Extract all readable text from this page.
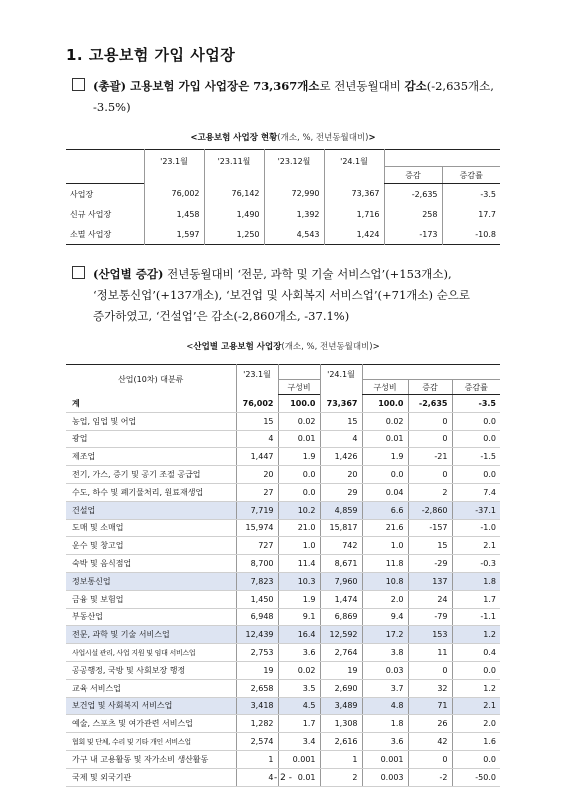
1. 고용보험 가입 사업장
(총괄) 고용보험 가입 사업장은 73,367개소로 전년동월대비 감소(-2,635개소,
-3.5%)
<고용보험 사업장 현황(개소, %, 전년동월대비)>
	'23.1월	'23.11월	'23.12월	'24.1월		
					증감	증감률
사업장	76,002	76,142	72,990	73,367	-2,635	-3.5
신규 사업장	1,458	1,490	1,392	1,716	258	17.7
소멸 사업장	1,597	1,250	4,543	1,424	-173	-10.8
(산업별 증감) 전년동월대비 ‘전문, 과학 및 기술 서비스업’(+153개소),
‘정보통신업’(+137개소), ‘보건업 및 사회복지 서비스업’(+71개소) 순으로
증가하였고, ‘건설업’은 감소(-2,860개소, -37.1%)
<산업별 고용보험 사업장(개소, %, 전년동월대비)>
산업(10차) 대분류	'23.1월		'24.1월			
		구성비		구성비	증감	증감률
계	76,002	100.0	73,367	100.0	-2,635	-3.5
농업, 임업 및 어업	15	0.02	15	0.02	0	0.0
광업	4	0.01	4	0.01	0	0.0
제조업	1,447	1.9	1,426	1.9	-21	-1.5
전기, 가스, 증기 및 공기 조절 공급업	20	0.0	20	0.0	0	0.0
수도, 하수 및 폐기물처리, 원료재생업	27	0.0	29	0.04	2	7.4
건설업	7,719	10.2	4,859	6.6	-2,860	-37.1
도매 및 소매업	15,974	21.0	15,817	21.6	-157	-1.0
운수 및 창고업	727	1.0	742	1.0	15	2.1
숙박 및 음식점업	8,700	11.4	8,671	11.8	-29	-0.3
정보통신업	7,823	10.3	7,960	10.8	137	1.8
금융 및 보험업	1,450	1.9	1,474	2.0	24	1.7
부동산업	6,948	9.1	6,869	9.4	-79	-1.1
전문, 과학 및 기술 서비스업	12,439	16.4	12,592	17.2	153	1.2
사업시설 관리, 사업 지원 및 임대 서비스업	2,753	3.6	2,764	3.8	11	0.4
공공행정, 국방 및 사회보장 행정	19	0.02	19	0.03	0	0.0
교육 서비스업	2,658	3.5	2,690	3.7	32	1.2
보건업 및 사회복지 서비스업	3,418	4.5	3,489	4.8	71	2.1
예술, 스포츠 및 여가관련 서비스업	1,282	1.7	1,308	1.8	26	2.0
협회 및 단체, 수리 및 기타 개인 서비스업	2,574	3.4	2,616	3.6	42	1.6
가구 내 고용활동 및 자가소비 생산활동	1	0.001	1	0.001	0	0.0
국제 및 외국기관	4	0.01	2	0.003	-2	-50.0
- 2 -
